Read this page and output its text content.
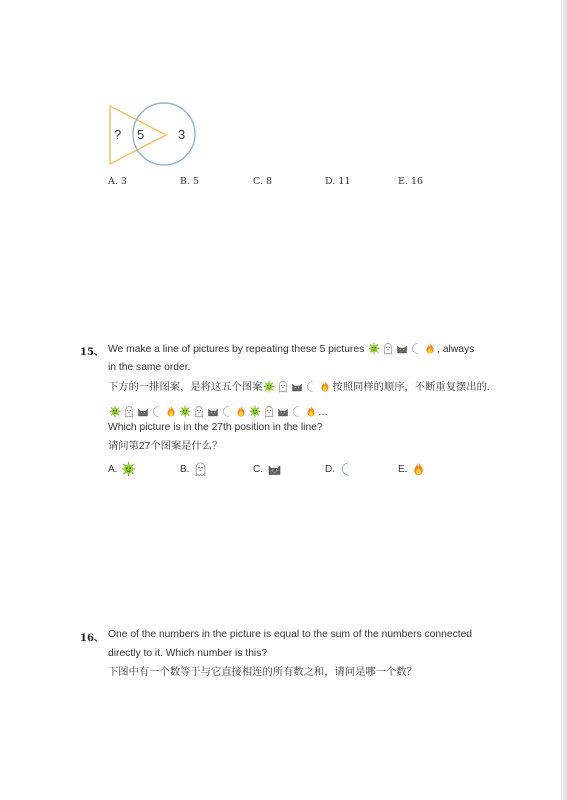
? 5	3
A. 3	B. 5	C. 8	D. 11	E. 16
15、 We make a line of pictures by repeating these 5 pictures	, always
in the same order.
下方的一排图案，是将这五个图案	按照同样的顺序，不断重复摆出的.
…
Which picture is in the 27th position in the line?
请问第27个图案是什么？
A.	B.	C.	D.	E.
16、 One of the numbers in the picture is equal to the sum of the numbers connected
directly to it. Which number is this?
下图中有一个数等于与它直接相连的所有数之和，请问是哪一个数？
